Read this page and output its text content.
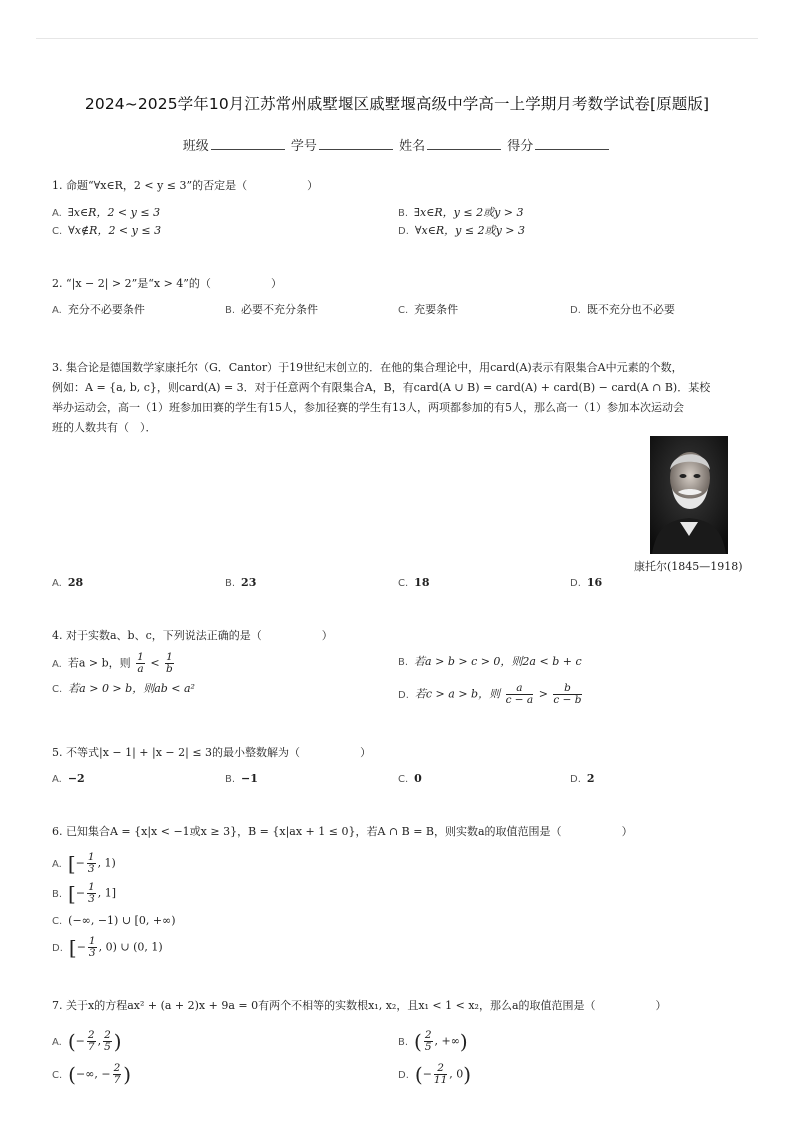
2024~2025学年10月江苏常州戚墅堰区戚墅堰高级中学高一上学期月考数学试卷[原题版]
班级	学号	姓名	得分
1. 命题“∀x∈R，2 < y ≤ 3”的否定是（	）
A. ∃x∈R，2 < y ≤ 3	B. ∃x∈R，y ≤ 2或y > 3
C. ∀x∉R，2 < y ≤ 3	D. ∀x∈R，y ≤ 2或y > 3
2. “|x − 2| > 2”是“x > 4”的（	）
A. 充分不必要条件	B. 必要不充分条件	C. 充要条件	D. 既不充分也不必要
3. 集合论是德国数学家康托尔（G．Cantor）于19世纪末创立的．在他的集合理论中，用card(A)表示有限集合A中元素的个数，
例如：A = {a, b, c}，则card(A) = 3．对于任意两个有限集合A，B，有card(A ∪ B) = card(A) + card(B) − card(A ∩ B)．某校
举办运动会，高一（1）班参加田赛的学生有15人，参加径赛的学生有13人，两项都参加的有5人，那么高一（1）参加本次运动会
班的人数共有（　）．
康托尔(1845—1918)
A. 28	B. 23	C. 18	D. 16
4. 对于实数a、b、c，下列说法正确的是（	）
A. 若a > b，则 $\frac{1}{a} < \frac{1}{b}$	B. 若a > b > c > 0，则2a < b + c
C. 若a > 0 > b，则ab < a²	D. 若c > a > b，则 $\frac{a}{c - a} > \frac{b}{c - b}$
5. 不等式|x − 1| + |x − 2| ≤ 3的最小整数解为（	）
A. −2	B. −1	C. 0	D. 2
6. 已知集合A = {x|x < −1或x ≥ 3}，B = {x|ax + 1 ≤ 0}，若A ∩ B = B，则实数a的取值范围是（	）
A. [− $\frac{1}{3}$ , 1)
B. [− $\frac{1}{3}$ , 1]
C. (−∞, −1) ∪ [0, +∞)
D. [− $\frac{1}{3}$ , 0) ∪ (0, 1)
7. 关于x的方程ax² + (a + 2)x + 9a = 0有两个不相等的实数根x₁, x₂，且x₁ < 1 < x₂，那么a的取值范围是（	）
A. (− $\frac{2}{7}$ , $\frac{2}{5}$ )	B. ( $\frac{2}{5}$ , +∞)
C. (−∞, − $\frac{2}{7}$ )	D. (− $\frac{2}{11}$ , 0)
